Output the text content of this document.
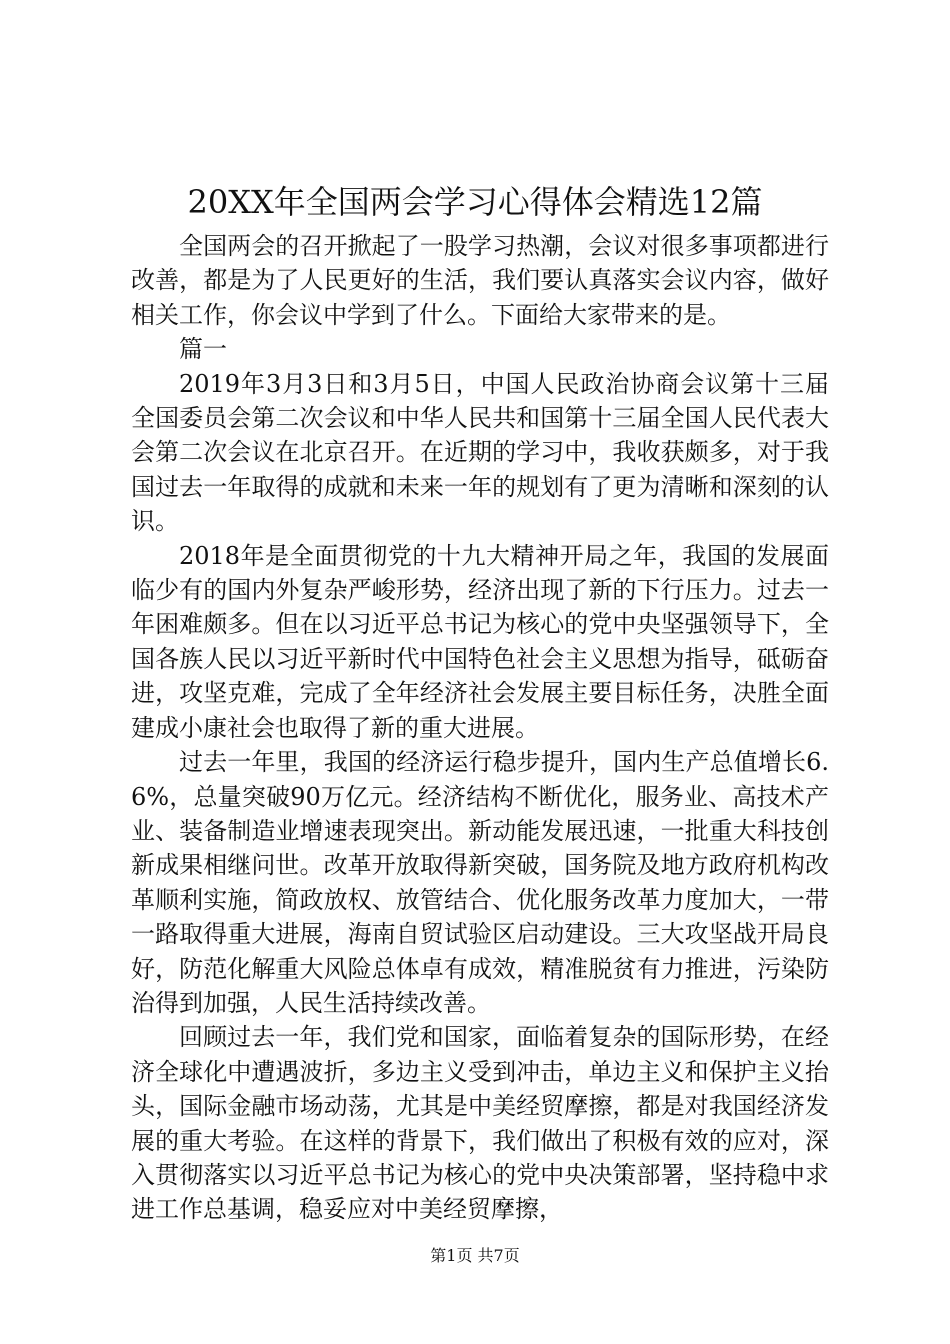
20XX年全国两会学习心得体会精选12篇

全国两会的召开掀起了一股学习热潮，会议对很多事项都进行改善，都是为了人民更好的生活，我们要认真落实会议内容，做好相关工作，你会议中学到了什么。下面给大家带来的是。

篇一

2019年3月3日和3月5日，中国人民政治协商会议第十三届全国委员会第二次会议和中华人民共和国第十三届全国人民代表大会第二次会议在北京召开。在近期的学习中，我收获颇多，对于我国过去一年取得的成就和未来一年的规划有了更为清晰和深刻的认识。

2018年是全面贯彻党的十九大精神开局之年，我国的发展面临少有的国内外复杂严峻形势，经济出现了新的下行压力。过去一年困难颇多。但在以习近平总书记为核心的党中央坚强领导下，全国各族人民以习近平新时代中国特色社会主义思想为指导，砥砺奋进，攻坚克难，完成了全年经济社会发展主要目标任务，决胜全面建成小康社会也取得了新的重大进展。

过去一年里，我国的经济运行稳步提升，国内生产总值增长6.6%，总量突破90万亿元。经济结构不断优化，服务业、高技术产业、装备制造业增速表现突出。新动能发展迅速，一批重大科技创新成果相继问世。改革开放取得新突破，国务院及地方政府机构改革顺利实施，简政放权、放管结合、优化服务改革力度加大，一带一路取得重大进展，海南自贸试验区启动建设。三大攻坚战开局良好，防范化解重大风险总体卓有成效，精准脱贫有力推进，污染防治得到加强，人民生活持续改善。

回顾过去一年，我们党和国家，面临着复杂的国际形势，在经济全球化中遭遇波折，多边主义受到冲击，单边主义和保护主义抬头，国际金融市场动荡，尤其是中美经贸摩擦，都是对我国经济发展的重大考验。在这样的背景下，我们做出了积极有效的应对，深入贯彻落实以习近平总书记为核心的党中央决策部署，坚持稳中求进工作总基调，稳妥应对中美经贸摩擦，

第1页 共7页
